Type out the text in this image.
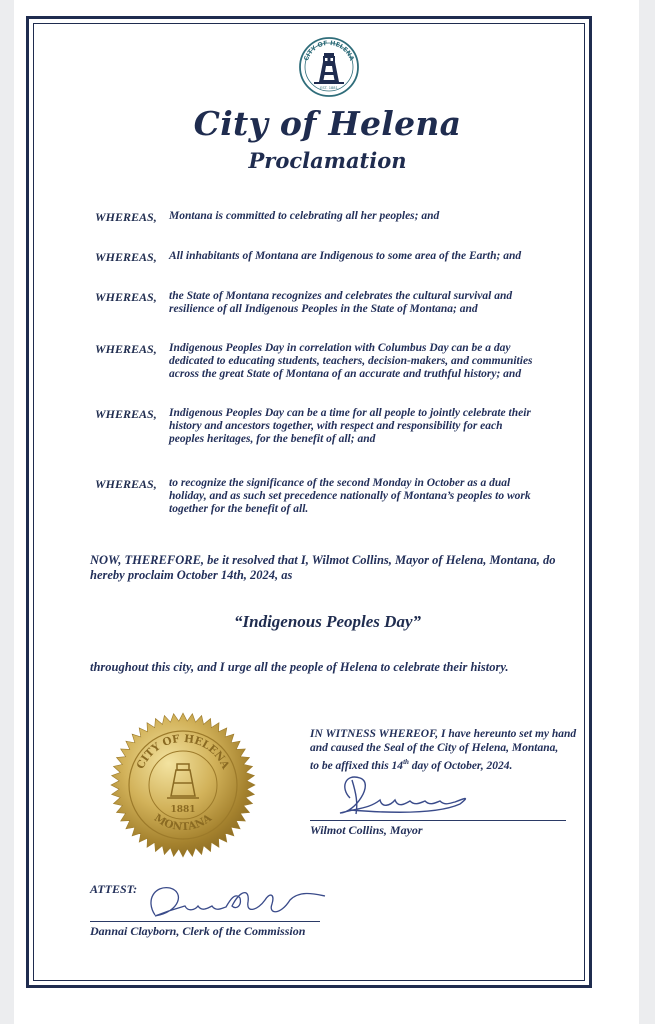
CITY OF HELENA
EST. 1881
City of Helena
Proclamation
WHEREAS, Montana is committed to celebrating all her peoples; and
WHEREAS, All inhabitants of Montana are Indigenous to some area of the Earth; and
WHEREAS, the State of Montana recognizes and celebrates the cultural survival and
resilience of all Indigenous Peoples in the State of Montana; and
WHEREAS, Indigenous Peoples Day in correlation with Columbus Day can be a day
dedicated to educating students, teachers, decision-makers, and communities
across the great State of Montana of an accurate and truthful history; and
WHEREAS, Indigenous Peoples Day can be a time for all people to jointly celebrate their
history and ancestors together, with respect and responsibility for each
peoples heritages, for the benefit of all; and
WHEREAS, to recognize the significance of the second Monday in October as a dual
holiday, and as such set precedence nationally of Montana’s peoples to work
together for the benefit of all.
NOW, THEREFORE, be it resolved that I, Wilmot Collins, Mayor of Helena, Montana, do
hereby proclaim October 14th, 2024, as
“Indigenous Peoples Day”
throughout this city, and I urge all the people of Helena to celebrate their history.
CITY OF HELENA
MONTANA
1881
IN WITNESS WHEREOF, I have hereunto set my hand
and caused the Seal of the City of Helena, Montana,
to be affixed this 14th day of October, 2024.
Wilmot Collins, Mayor
ATTEST:
Dannai Clayborn, Clerk of the Commission
